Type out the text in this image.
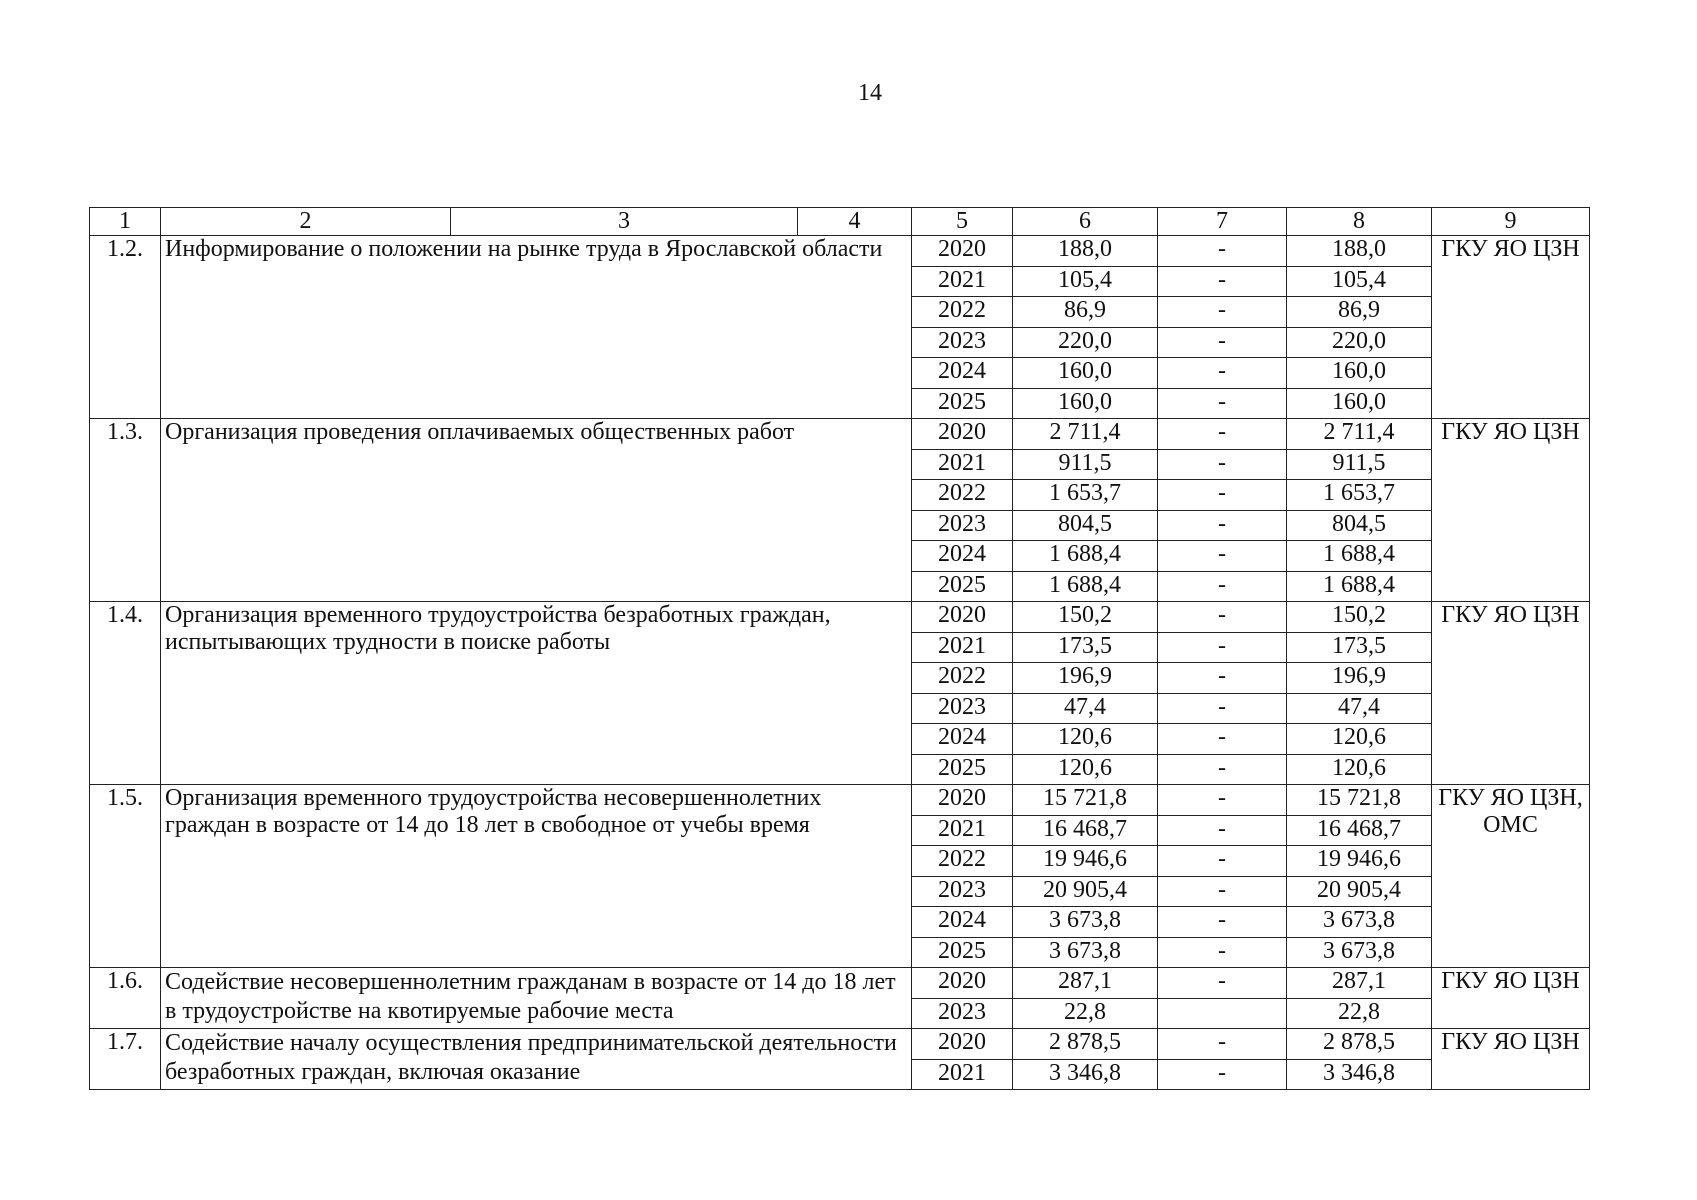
14
1	2	3	4	5	6	7	8	9
1.2.	Информирование о положении на рынке труда в Ярославской области			2020	188,0	-	188,0	ГКУ ЯО ЦЗН
				2021	105,4	-	105,4	
				2022	86,9	-	86,9	
				2023	220,0	-	220,0	
				2024	160,0	-	160,0	
				2025	160,0	-	160,0	
1.3.	Организация проведения оплачиваемых общественных работ			2020	2 711,4	-	2 711,4	ГКУ ЯО ЦЗН
				2021	911,5	-	911,5	
				2022	1 653,7	-	1 653,7	
				2023	804,5	-	804,5	
				2024	1 688,4	-	1 688,4	
				2025	1 688,4	-	1 688,4	
1.4.	Организация временного трудоустройства безработных граждан, испытывающих трудности в поиске работы			2020	150,2	-	150,2	ГКУ ЯО ЦЗН
				2021	173,5	-	173,5	
				2022	196,9	-	196,9	
				2023	47,4	-	47,4	
				2024	120,6	-	120,6	
				2025	120,6	-	120,6	
1.5.	Организация временного трудоустройства несовершеннолетних граждан в возрасте от 14 до 18 лет в свободное от учебы время			2020	15 721,8	-	15 721,8	ГКУ ЯО ЦЗН, ОМС
				2021	16 468,7	-	16 468,7	
				2022	19 946,6	-	19 946,6	
				2023	20 905,4	-	20 905,4	
				2024	3 673,8	-	3 673,8	
				2025	3 673,8	-	3 673,8	
1.6.	Содействие несовершеннолетним гражданам в возрасте от 14 до 18 лет в трудоустройстве на квотируемые рабочие места			2020	287,1	-	287,1	ГКУ ЯО ЦЗН
				2023	22,8		22,8	
1.7.	Содействие началу осуществления предпринимательской деятельности безработных граждан, включая оказание			2020	2 878,5	-	2 878,5	ГКУ ЯО ЦЗН
				2021	3 346,8	-	3 346,8	
